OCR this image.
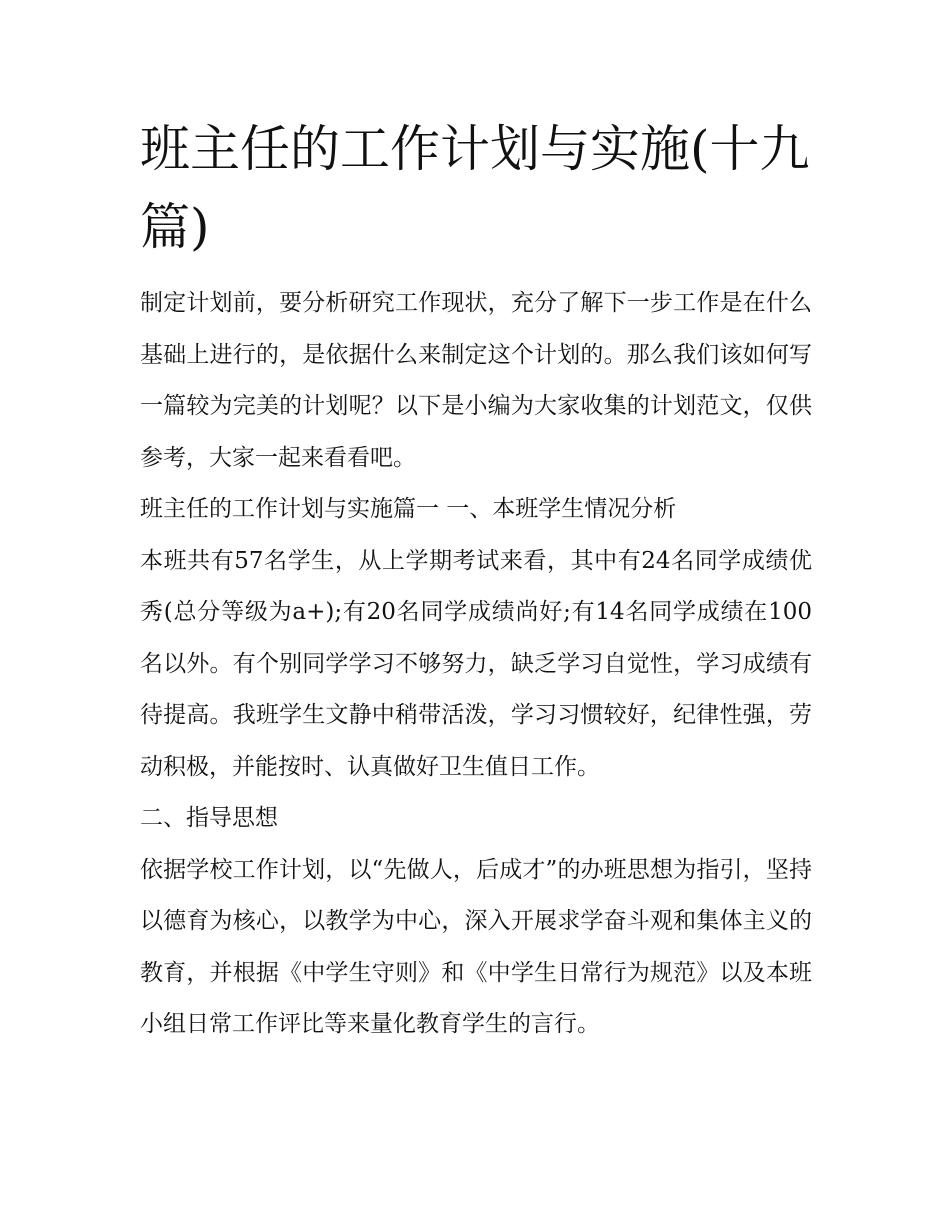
班主任的工作计划与实施(十九篇)

制定计划前，要分析研究工作现状，充分了解下一步工作是在什么基础上进行的，是依据什么来制定这个计划的。那么我们该如何写一篇较为完美的计划呢？以下是小编为大家收集的计划范文，仅供参考，大家一起来看看吧。

班主任的工作计划与实施篇一 一、本班学生情况分析

本班共有57名学生，从上学期考试来看，其中有24名同学成绩优秀(总分等级为a+);有20名同学成绩尚好;有14名同学成绩在100名以外。有个别同学学习不够努力，缺乏学习自觉性，学习成绩有待提高。我班学生文静中稍带活泼，学习习惯较好，纪律性强，劳动积极，并能按时、认真做好卫生值日工作。

二、指导思想

依据学校工作计划，以“先做人，后成才”的办班思想为指引，坚持以德育为核心，以教学为中心，深入开展求学奋斗观和集体主义的教育，并根据《中学生守则》和《中学生日常行为规范》以及本班小组日常工作评比等来量化教育学生的言行。
